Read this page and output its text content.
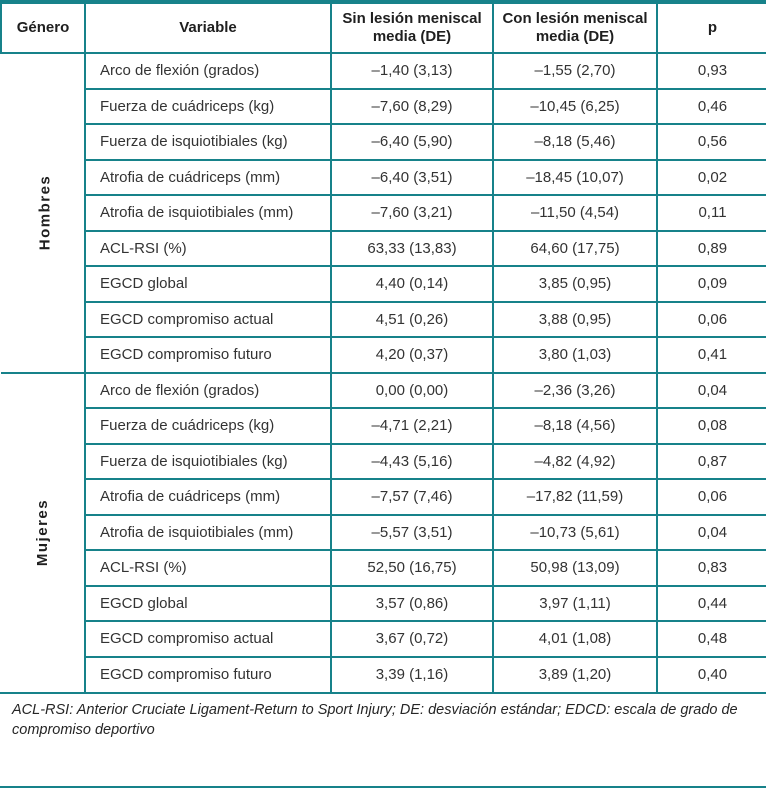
Género	Variable	Sin lesión meniscal media (DE)	Con lesión meniscal media (DE)	p
Hombres	Arco de flexión (grados)	–1,40 (3,13)	–1,55 (2,70)	0,93
	Fuerza de cuádriceps (kg)	–7,60 (8,29)	–10,45 (6,25)	0,46
	Fuerza de isquiotibiales (kg)	–6,40 (5,90)	–8,18 (5,46)	0,56
	Atrofia de cuádriceps (mm)	–6,40 (3,51)	–18,45 (10,07)	0,02
	Atrofia de isquiotibiales (mm)	–7,60 (3,21)	–11,50 (4,54)	0,11
	ACL-RSI (%)	63,33 (13,83)	64,60 (17,75)	0,89
	EGCD global	4,40 (0,14)	3,85 (0,95)	0,09
	EGCD compromiso actual	4,51 (0,26)	3,88 (0,95)	0,06
	EGCD compromiso futuro	4,20 (0,37)	3,80 (1,03)	0,41
Mujeres	Arco de flexión (grados)	0,00 (0,00)	–2,36 (3,26)	0,04
	Fuerza de cuádriceps (kg)	–4,71 (2,21)	–8,18 (4,56)	0,08
	Fuerza de isquiotibiales (kg)	–4,43 (5,16)	–4,82 (4,92)	0,87
	Atrofia de cuádriceps (mm)	–7,57 (7,46)	–17,82 (11,59)	0,06
	Atrofia de isquiotibiales (mm)	–5,57 (3,51)	–10,73 (5,61)	0,04
	ACL-RSI (%)	52,50 (16,75)	50,98 (13,09)	0,83
	EGCD global	3,57 (0,86)	3,97 (1,11)	0,44
	EGCD compromiso actual	3,67 (0,72)	4,01 (1,08)	0,48
	EGCD compromiso futuro	3,39 (1,16)	3,89 (1,20)	0,40
ACL-RSI: Anterior Cruciate Ligament-Return to Sport Injury; DE: desviación estándar; EDCD: escala de grado de compromiso deportivo
